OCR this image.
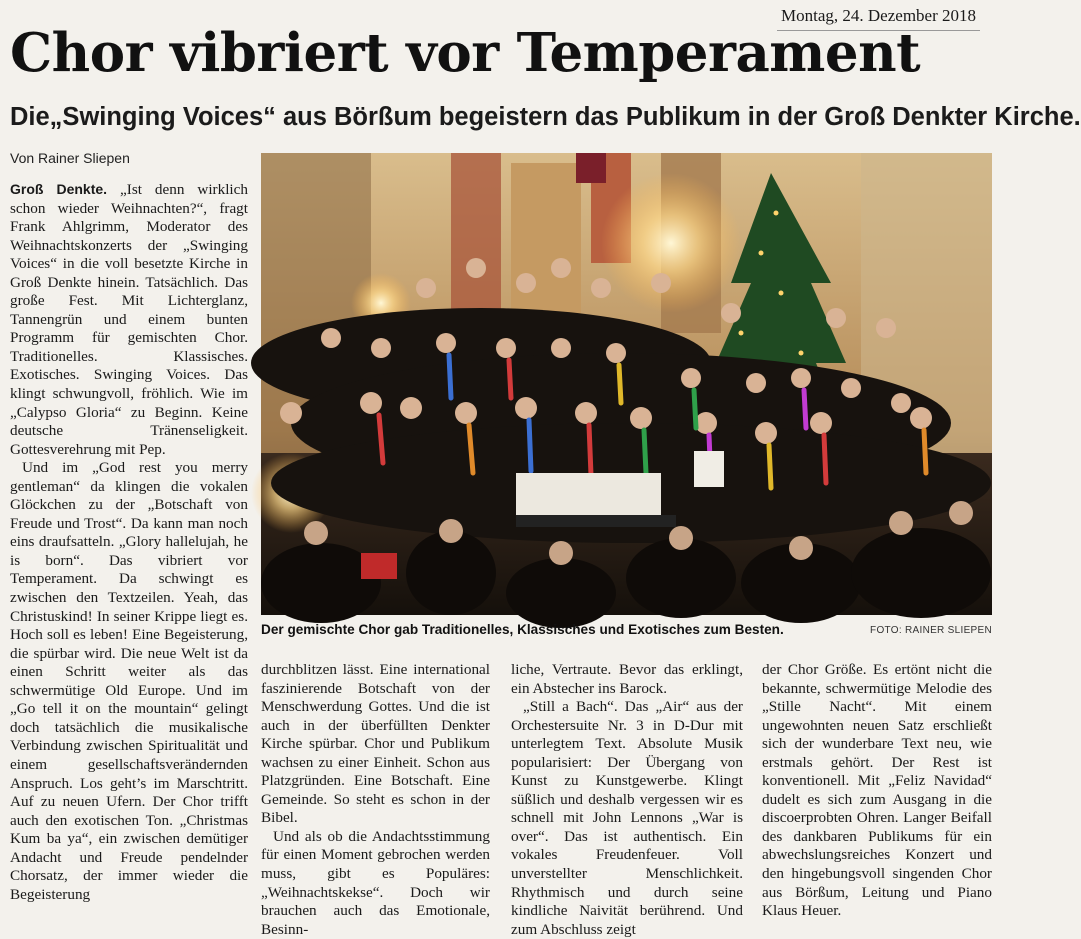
Montag, 24. Dezember 2018
Chor vibriert vor Temperament
Die„Swinging Voices“ aus Börßum begeistern das Publikum in der Groß Denkter Kirche.
Von Rainer Sliepen

Groß Denkte. „Ist denn wirklich schon wieder Weihnachten?“, fragt Frank Ahlgrimm, Moderator des Weihnachtskonzerts der „Swinging Voices“ in die voll besetzte Kirche in Groß Denkte hinein. Tatsächlich. Das große Fest. Mit Lichterglanz, Tannengrün und einem bunten Programm für gemischten Chor. Traditionelles. Klassisches. Exotisches. Swinging Voices. Das klingt schwungvoll, fröhlich. Wie im „Calypso Gloria“ zu Beginn. Keine deutsche Tränenseligkeit. Gottesverehrung mit Pep.

Und im „God rest you merry gentleman“ da klingen die vokalen Glöckchen zu der „Botschaft von Freude und Trost“. Da kann man noch eins draufsatteln. „Glory hallelujah, he is born“. Das vibriert vor Temperament. Da schwingt es zwischen den Textzeilen. Yeah, das Christuskind! In seiner Krippe liegt es. Hoch soll es leben! Eine Begeisterung, die spürbar wird. Die neue Welt ist da einen Schritt weiter als das schwermütige Old Europe. Und im „Go tell it on the mountain“ gelingt doch tatsächlich die musikalische Verbindung zwischen Spiritualität und einem gesellschaftsverändernden Anspruch. Los geht’s im Marschtritt. Auf zu neuen Ufern. Der Chor trifft auch den exotischen Ton. „Christmas Kum ba ya“, ein zwischen demütiger Andacht und Freude pendelnder Chorsatz, der immer wieder die Begeisterung

Der gemischte Chor gab Traditionelles, Klassisches und Exotisches zum Besten.	FOTO: RAINER SLIEPEN

durchblitzen lässt. Eine international faszinierende Botschaft von der Menschwerdung Gottes. Und die ist auch in der überfüllten Denkter Kirche spürbar. Chor und Publikum wachsen zu einer Einheit. Schon aus Platzgründen. Eine Botschaft. Eine Gemeinde. So steht es schon in der Bibel.

Und als ob die Andachtsstimmung für einen Moment gebrochen werden muss, gibt es Populäres: „Weihnachtskekse“. Doch wir brauchen auch das Emotionale, Besinn-

liche, Vertraute. Bevor das erklingt, ein Abstecher ins Barock.

„Still a Bach“. Das „Air“ aus der Orchestersuite Nr. 3 in D-Dur mit unterlegtem Text. Absolute Musik popularisiert: Der Übergang von Kunst zu Kunstgewerbe. Klingt süßlich und deshalb vergessen wir es schnell mit John Lennons „War is over“. Das ist authentisch. Ein vokales Freudenfeuer. Voll unverstellter Menschlichkeit. Rhythmisch und durch seine kindliche Naivität berührend. Und zum Abschluss zeigt

der Chor Größe. Es ertönt nicht die bekannte, schwermütige Melodie des „Stille Nacht“. Mit einem ungewohnten neuen Satz erschließt sich der wunderbare Text neu, wie erstmals gehört. Der Rest ist konventionell. Mit „Feliz Navidad“ dudelt es sich zum Ausgang in die discoerprobten Ohren. Langer Beifall des dankbaren Publikums für ein abwechslungsreiches Konzert und den hingebungsvoll singenden Chor aus Börßum, Leitung und Piano Klaus Heuer.
